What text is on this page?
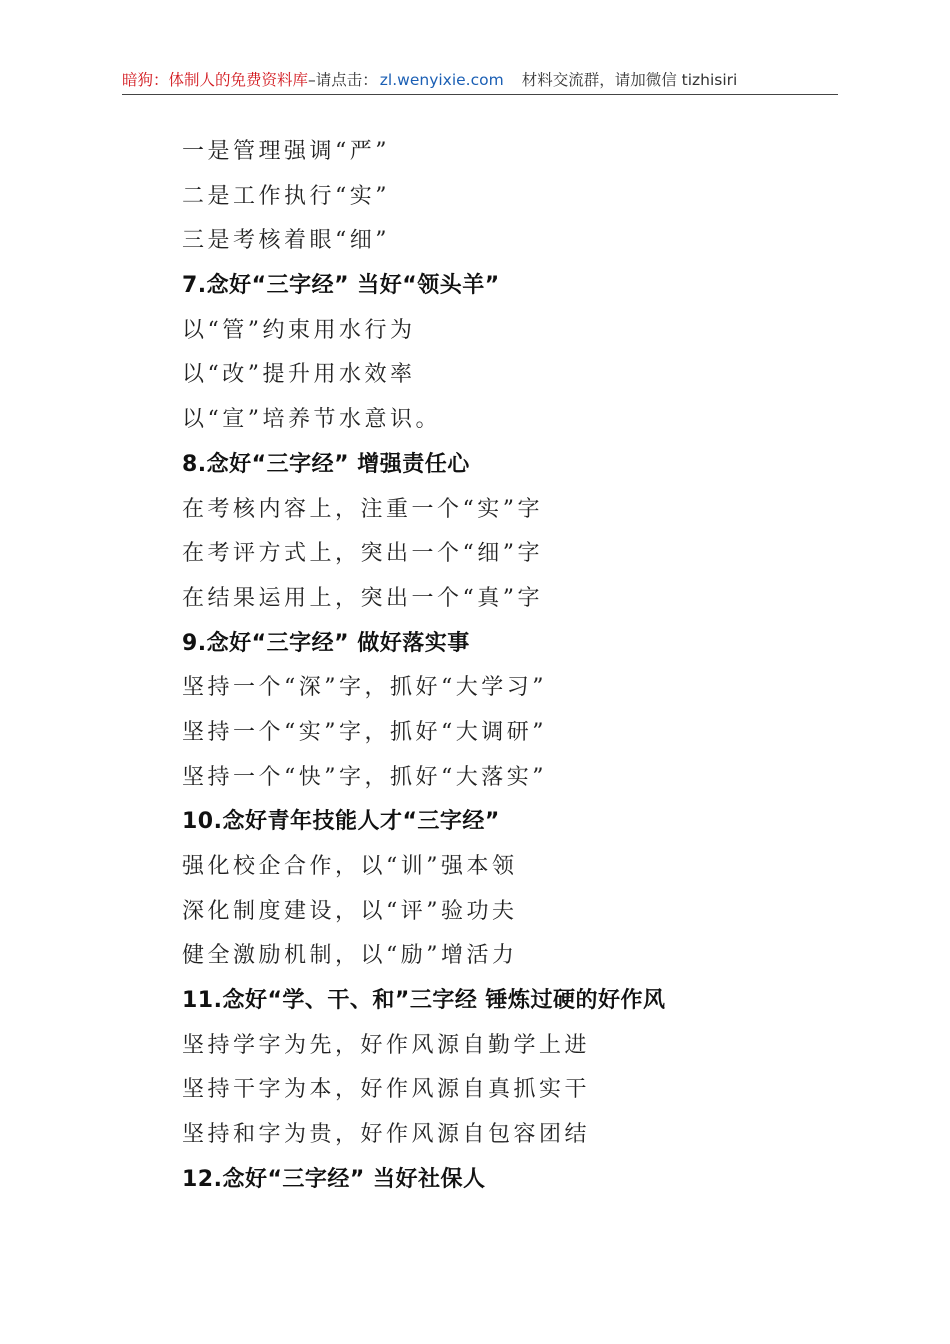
暗狗：体制人的免费资料库–请点击： zl.wenyixie.com 材料交流群，请加微信 tizhisiri
一是管理强调“严”
二是工作执行“实”
三是考核着眼“细”
7.念好“三字经” 当好“领头羊”
以“管”约束用水行为
以“改”提升用水效率
以“宣”培养节水意识。
8.念好“三字经” 增强责任心
在考核内容上，注重一个“实”字
在考评方式上，突出一个“细”字
在结果运用上，突出一个“真”字
9.念好“三字经” 做好落实事
坚持一个“深”字，抓好“大学习”
坚持一个“实”字，抓好“大调研”
坚持一个“快”字，抓好“大落实”
10.念好青年技能人才“三字经”
强化校企合作，以“训”强本领
深化制度建设，以“评”验功夫
健全激励机制，以“励”增活力
11.念好“学、干、和”三字经 锤炼过硬的好作风
坚持学字为先，好作风源自勤学上进
坚持干字为本，好作风源自真抓实干
坚持和字为贵，好作风源自包容团结
12.念好“三字经” 当好社保人
